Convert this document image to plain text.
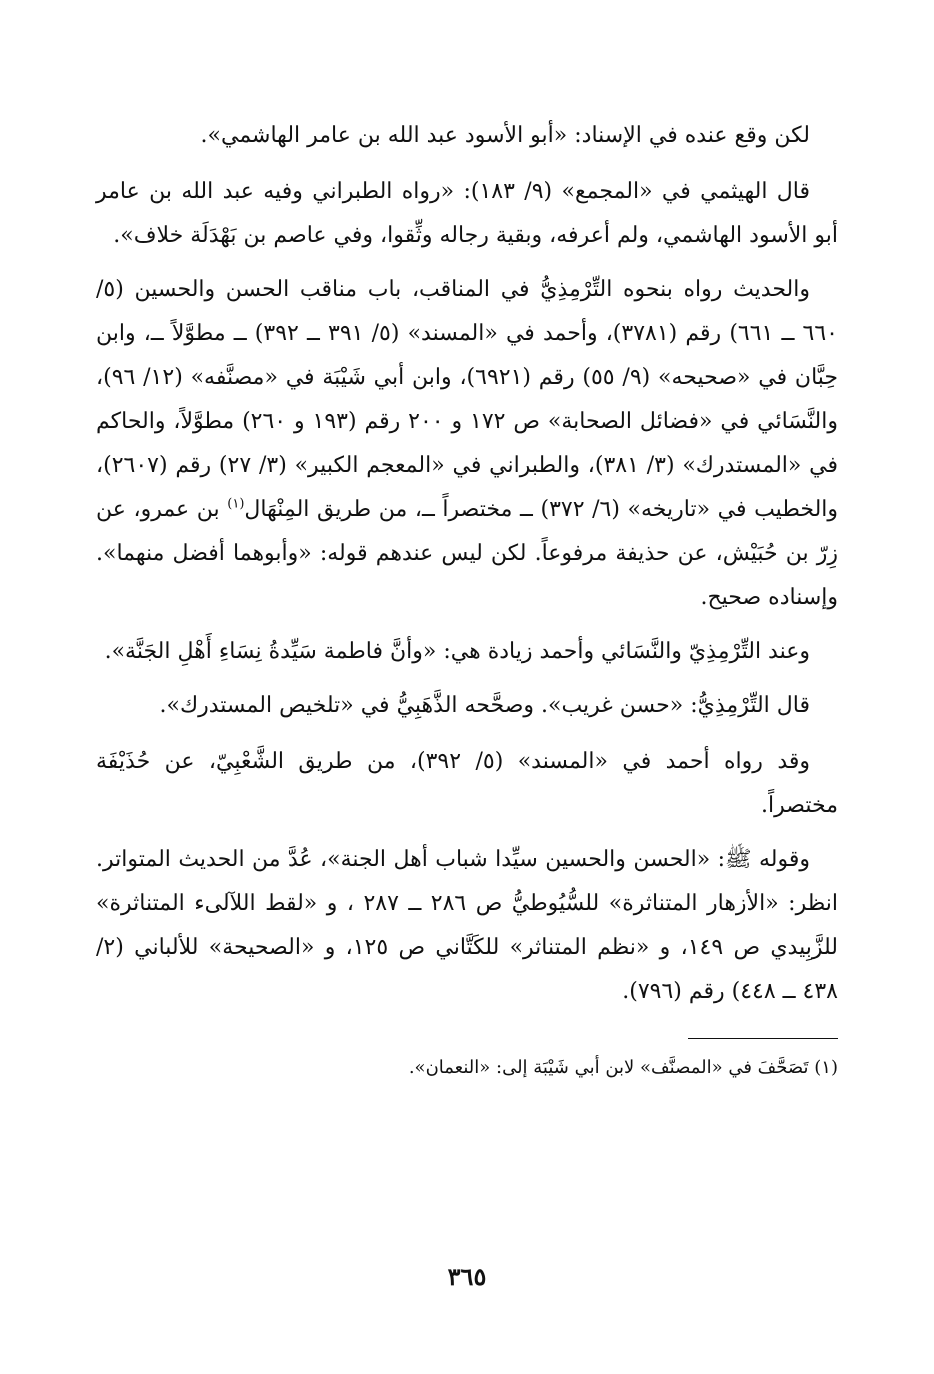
لكن وقع عنده في الإسناد: «أبو الأسود عبد الله بن عامر الهاشمي».

قال الهيثمي في «المجمع» (٩/ ١٨٣): «رواه الطبراني وفيه عبد الله بن عامر أبو الأسود الهاشمي، ولم أعرفه، وبقية رجاله وثِّقوا، وفي عاصم بن بَهْدَلَة خلاف».

والحديث رواه بنحوه التِّرْمِذِيُّ في المناقب، باب مناقب الحسن والحسين (٥/ ٦٦٠ ــ ٦٦١) رقم (٣٧٨١)، وأحمد في «المسند» (٥/ ٣٩١ ــ ٣٩٢) ــ مطوَّلاً ــ، وابن حِبَّان في «صحيحه» (٩/ ٥٥) رقم (٦٩٢١)، وابن أبي شَيْبَة في «مصنَّفه» (١٢/ ٩٦)، والنَّسَائي في «فضائل الصحابة» ص ١٧٢ و ٢٠٠ رقم (١٩٣ و ٢٦٠) مطوَّلاً، والحاكم في «المستدرك» (٣/ ٣٨١)، والطبراني في «المعجم الكبير» (٣/ ٢٧) رقم (٢٦٠٧)، والخطيب في «تاريخه» (٦/ ٣٧٢) ــ مختصراً ــ، من طريق المِنْهَال$^{(١)}$ بن عمرو، عن زِرّ بن حُبَيْش، عن حذيفة مرفوعاً. لكن ليس عندهم قوله: «وأبوهما أفضل منهما». وإسناده صحيح.

وعند التِّرْمِذِيّ والنَّسَائي وأحمد زيادة هي: «وأنَّ فاطمة سَيِّدةُ نِسَاءِ أَهْلِ الجَنَّة».

قال التِّرْمِذِيُّ: «حسن غريب». وصحَّحه الذَّهَبِيُّ في «تلخيص المستدرك».

وقد رواه أحمد في «المسند» (٥/ ٣٩٢)، من طريق الشَّعْبِيّ، عن حُذَيْفَة مختصراً.

وقوله ﷺ: «الحسن والحسين سيِّدا شباب أهل الجنة»، عُدَّ من الحديث المتواتر. انظر: «الأزهار المتناثرة» للسُّيُوطيُّ ص ٢٨٦ ــ ٢٨٧ ، و «لقط اللآلىء المتناثرة» للزَّبِيدي ص ١٤٩، و «نظم المتناثر» للكَتَّاني ص ١٢٥، و «الصحيحة» للألباني (٢/ ٤٣٨ ــ ٤٤٨) رقم (٧٩٦).

(١) تَصَحَّفَ في «المصنَّف» لابن أبي شَيْبَة إلى: «النعمان».

٣٦٥
